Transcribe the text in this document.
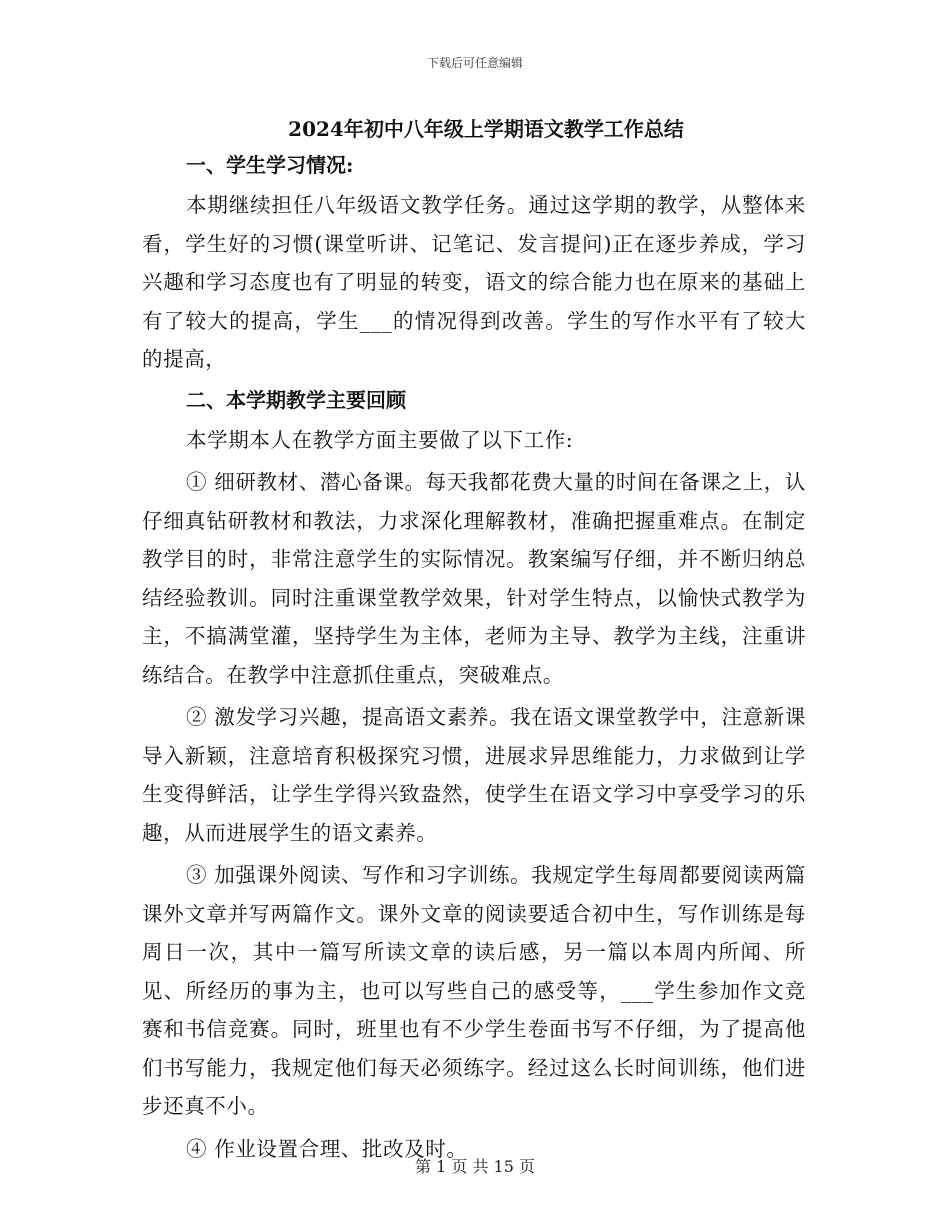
下载后可任意编辑
2024年初中八年级上学期语文教学工作总结
一、学生学习情况:

本期继续担任八年级语文教学任务。通过这学期的教学，从整体来看，学生好的习惯(课堂听讲、记笔记、发言提问)正在逐步养成，学习兴趣和学习态度也有了明显的转变，语文的综合能力也在原来的基础上有了较大的提高，学生___的情况得到改善。学生的写作水平有了较大的提高，

二、本学期教学主要回顾

本学期本人在教学方面主要做了以下工作:

① 细研教材、潜心备课。每天我都花费大量的时间在备课之上，认仔细真钻研教材和教法，力求深化理解教材，准确把握重难点。在制定教学目的时，非常注意学生的实际情况。教案编写仔细，并不断归纳总结经验教训。同时注重课堂教学效果，针对学生特点，以愉快式教学为主，不搞满堂灌，坚持学生为主体，老师为主导、教学为主线，注重讲练结合。在教学中注意抓住重点，突破难点。

② 激发学习兴趣，提高语文素养。我在语文课堂教学中，注意新课导入新颖，注意培育积极探究习惯，进展求异思维能力，力求做到让学生变得鲜活，让学生学得兴致盎然，使学生在语文学习中享受学习的乐趣，从而进展学生的语文素养。

③ 加强课外阅读、写作和习字训练。我规定学生每周都要阅读两篇课外文章并写两篇作文。课外文章的阅读要适合初中生，写作训练是每周日一次，其中一篇写所读文章的读后感，另一篇以本周内所闻、所见、所经历的事为主，也可以写些自己的感受等，___学生参加作文竞赛和书信竞赛。同时，班里也有不少学生卷面书写不仔细，为了提高他们书写能力，我规定他们每天必须练字。经过这么长时间训练，他们进步还真不小。

④ 作业设置合理、批改及时。

第 1 页 共 15 页
